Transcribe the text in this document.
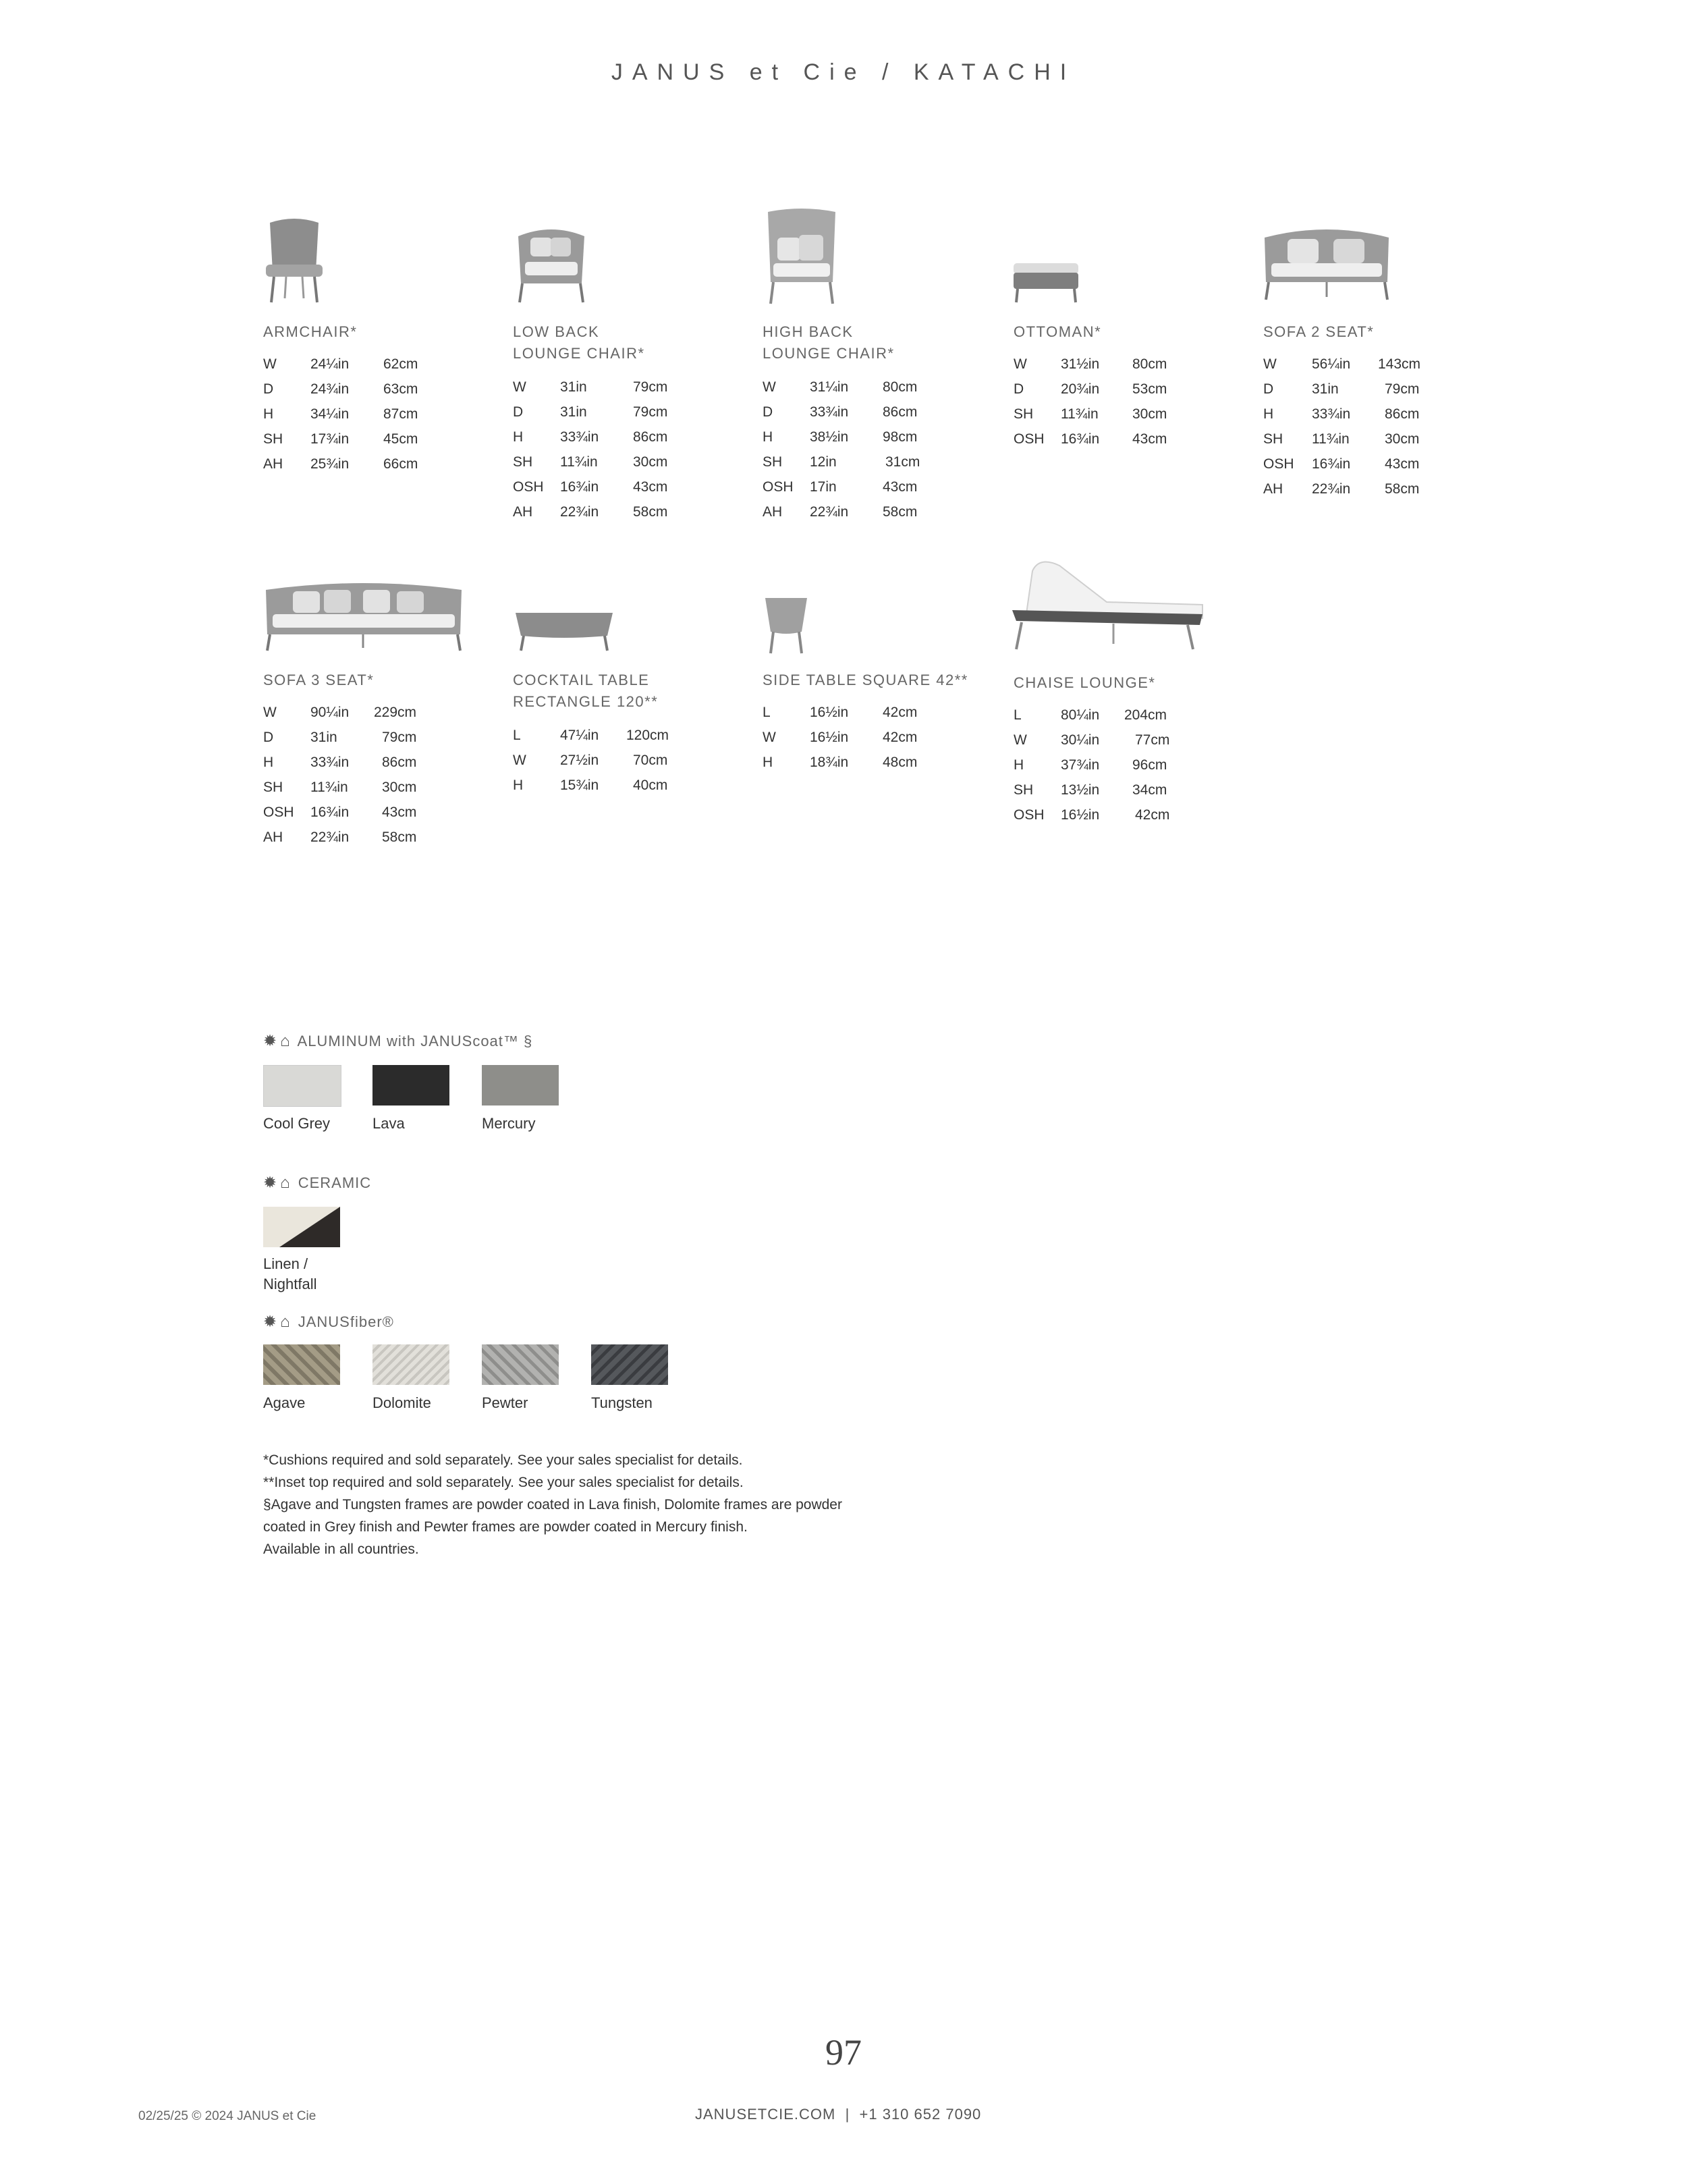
JANUS et Cie / KATACHI
ARMCHAIR*	LOW BACK
LOUNGE CHAIR*
HIGH BACK
LOUNGE CHAIR*
OTTOMAN*	SOFA 2 SEAT*
SOFA 3 SEAT*	COCKTAIL TABLE
RECTANGLE 120**
SIDE TABLE SQUARE 42**	CHAISE LOUNGE*
W 24¼in 62cm
D	24¾in 63cm
H	34¼in 87cm
SH 17¾in 45cm
AH 25¾in 66cm
W 31in	79cm
D	31in	79cm
H	33¾in 86cm
SH 11¾in 30cm
OSH 16¾in 43cm
AH 22¾in 58cm
W 31¼in 80cm
D	33¾in 86cm
H	38½in 98cm
SH 12in	31cm
OSH 17in	43cm
AH 22¾in 58cm
W 31½in 80cm
D	20¾in 53cm
SH 11¾in 30cm
OSH 16¾in 43cm
W 56¼in 143cm
D	31in	79cm
H	33¾in 86cm
SH 11¾in 30cm
OSH 16¾in 43cm
AH 22¾in 58cm
W 90¼in 229cm
D	31in	79cm
H	33¾in 86cm
SH 11¾in 30cm
OSH 16¾in 43cm
AH 22¾in 58cm
L	47¼in 120cm
W 27½in 70cm
H	15¾in 40cm
L	16½in 42cm
W 16½in 42cm
H	18¾in 48cm
L	80¼in 204cm
W 30¼in	77cm
H	37¾in 96cm
SH 13½in 34cm
OSH 16½in	42cm
✹ ⌂ ALUMINUM with JANUScoat™ §
Cool Grey	Lava	Mercury
✹ ⌂ CERAMIC
Linen /
Nightfall
✹ ⌂ JANUSfiber®
Agave	Dolomite	Pewter	Tungsten
*Cushions required and sold separately. See your sales specialist for details.
**Inset top required and sold separately. See your sales specialist for details.
§Agave and Tungsten frames are powder coated in Lava finish, Dolomite frames are powder
coated in Grey finish and Pewter frames are powder coated in Mercury finish.
Available in all countries.
97
02/25/25 © 2024 JANUS et Cie	JANUSETCIE.COM  |  +1 310 652 7090
